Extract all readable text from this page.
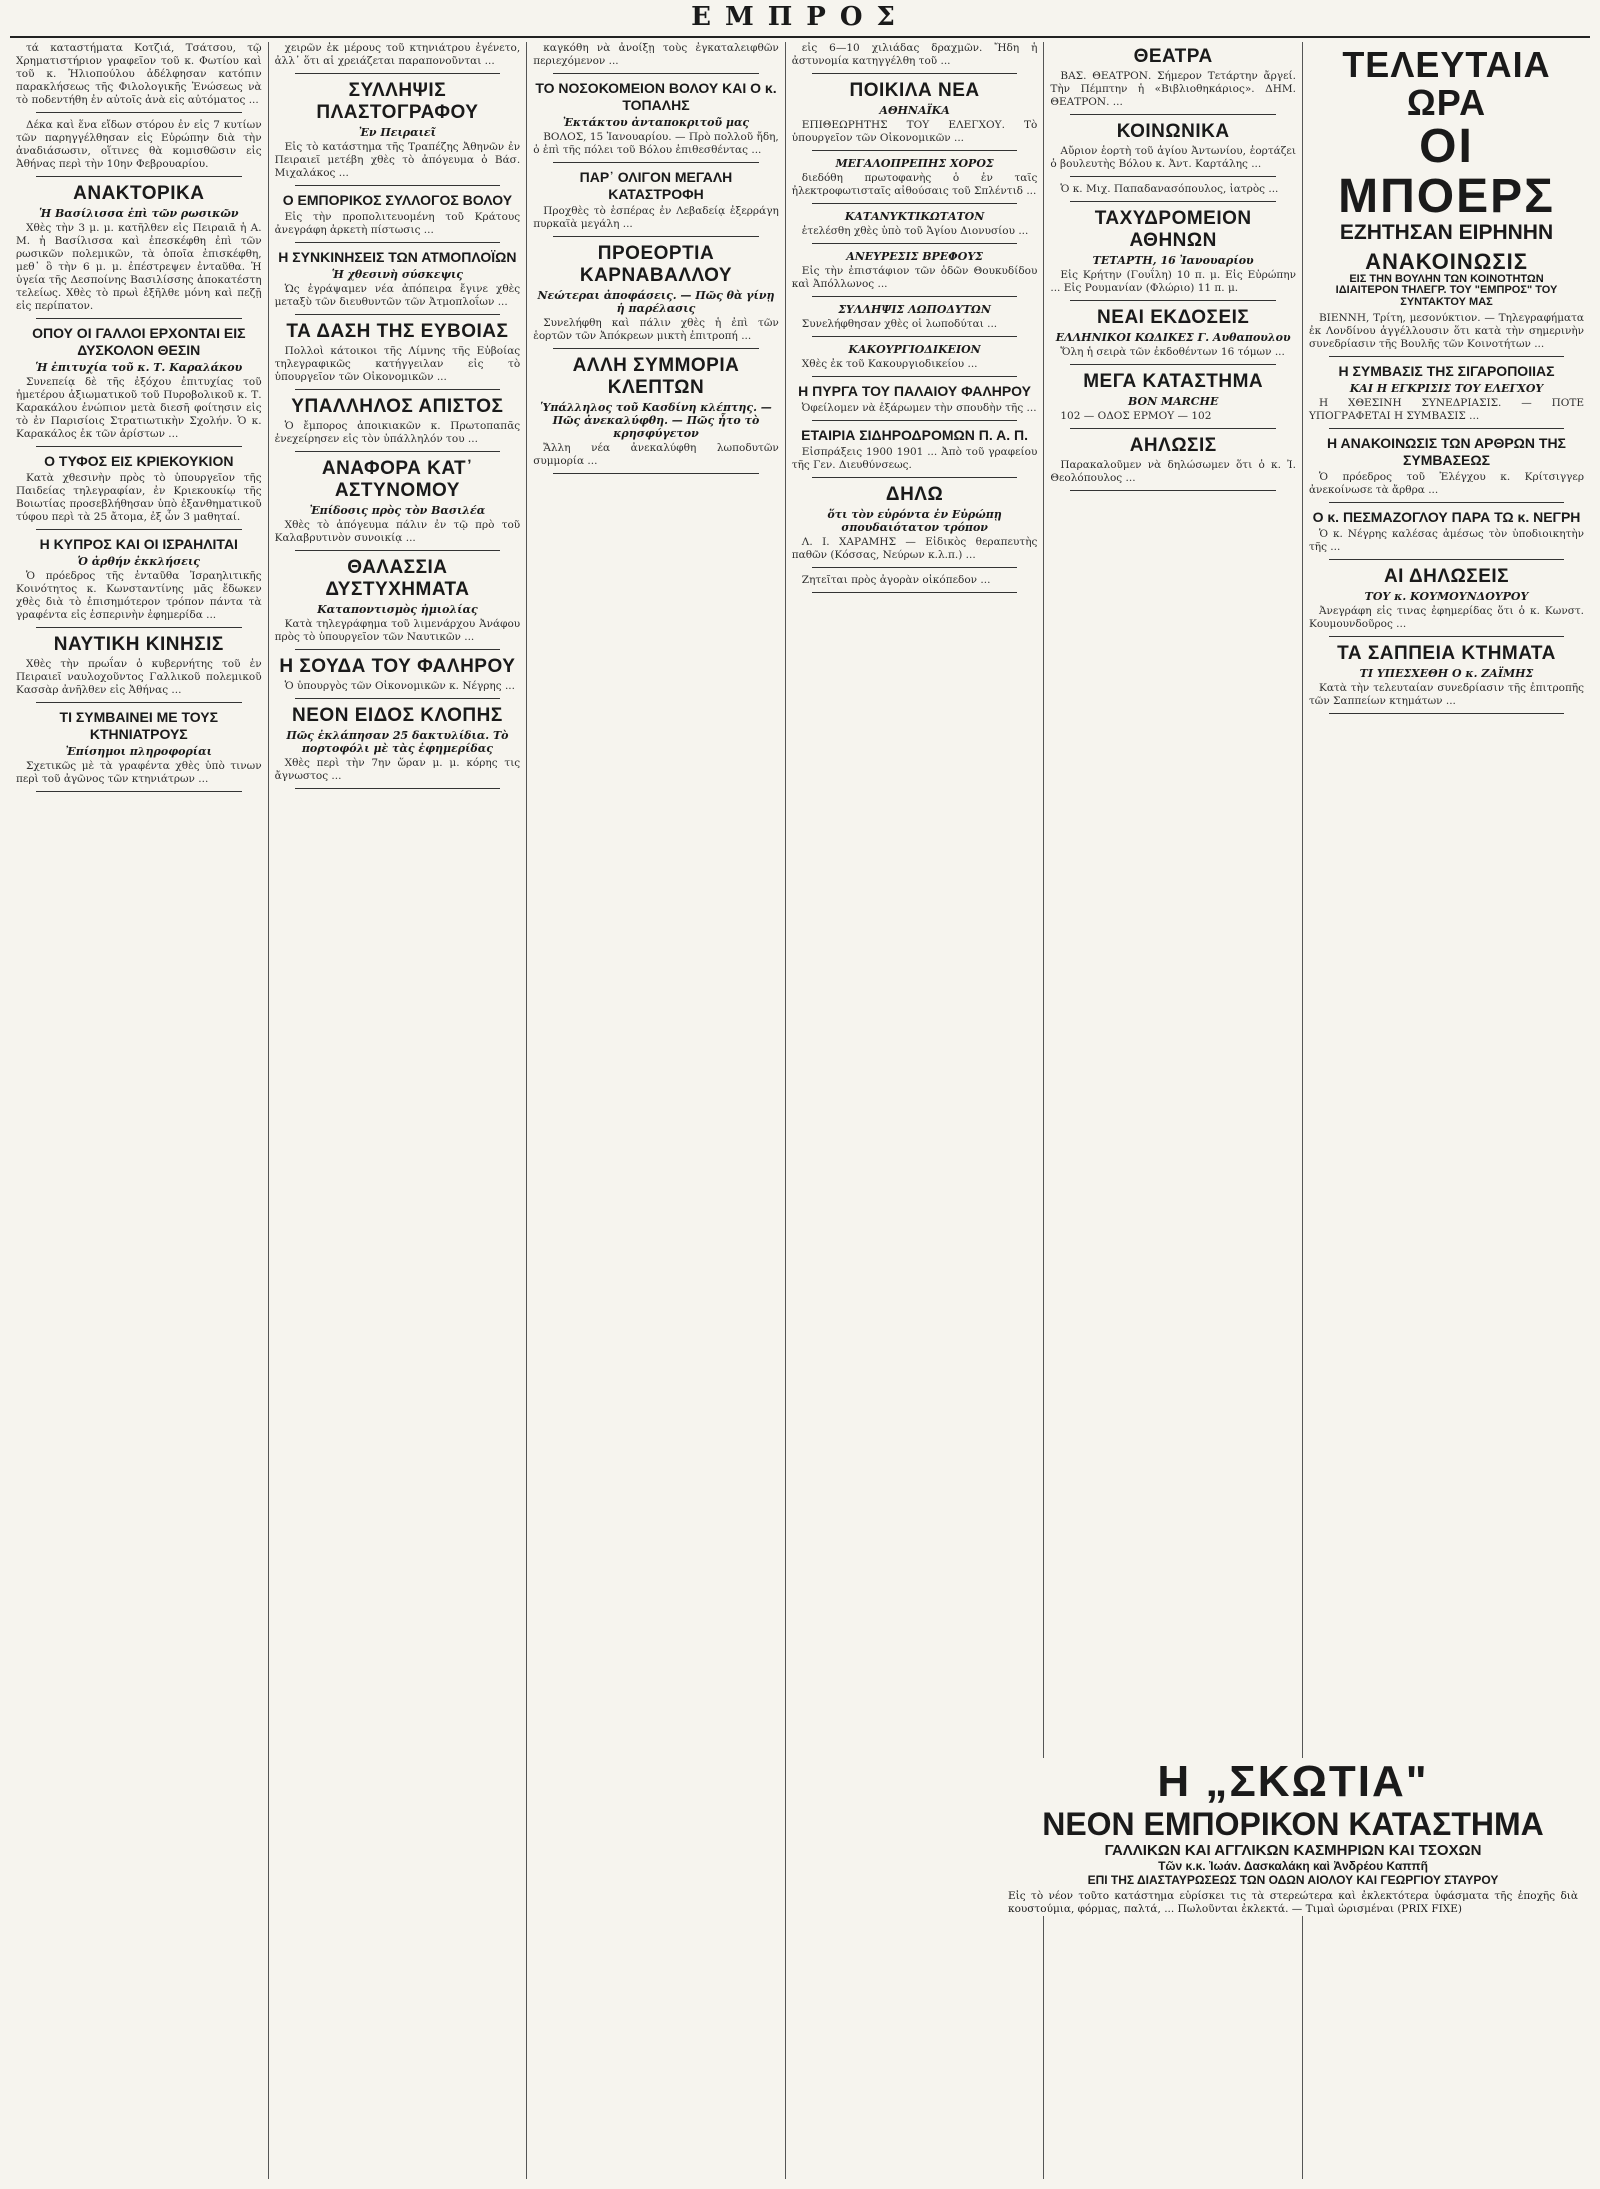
ΕΜΠΡΟΣ
τά καταστήματα Κοτζιά, Τσάτσου, τῷ Χρηματιστήριον γραφεῖον τοῦ κ. Φωτίου καὶ τοῦ κ. Ἠλιοπούλου ἀδέλφησαν κατόπιν παρακλήσεως τῆς Φιλολογικῆς Ἑνώσεως νὰ τὸ ποδεντήθη ἐν αὐτοῖς ἀνὰ εἰς αὐτόματος ...
Δέκα καὶ ἕνα εἴδων στόρου ἐν εἰς 7 κυτίων τῶν παρηγγέλθησαν εἰς Εὐρώπην διὰ τὴν ἀναδιάσωσιν, οἵτινες θὰ κομισθῶσιν εἰς Ἀθήνας περὶ τὴν 10ην Φεβρουαρίου.
ΑΝΑΚΤΟΡΙΚΑ
Ἡ Βασίλισσα ἐπὶ τῶν ρωσικῶν
Χθὲς τὴν 3 μ. μ. κατῆλθεν εἰς Πειραιᾶ ἡ Α. Μ. ἡ Βασίλισσα καὶ ἐπεσκέφθη ἐπὶ τῶν ρωσικῶν πολεμικῶν, τὰ ὁποῖα ἐπισκέφθη, μεθ᾽ ὃ τὴν 6 μ. μ. ἐπέστρεψεν ἐνταῦθα. Ἡ ὑγεία τῆς Δεσποίνης Βασιλίσσης ἀποκατέστη τελείως. Χθὲς τὸ πρωὶ ἐξῆλθε μόνη καὶ πεζῇ εἰς περίπατον.
ΟΠΟΥ ΟΙ ΓΑΛΛΟΙ ΕΡΧΟΝΤΑΙ ΕΙΣ ΔΥΣΚΟΛΟΝ ΘΕΣΙΝ
Ἡ ἐπιτυχία τοῦ κ. Τ. Καραλάκου
Συνεπείᾳ δὲ τῆς ἐξόχου ἐπιτυχίας τοῦ ἡμετέρου ἀξιωματικοῦ τοῦ Πυροβολικοῦ κ. Τ. Καρακάλου ἐνώπιον μετὰ διεσῆ φοίτησιν εἰς τὸ ἐν Παρισίοις Στρατιωτικὴν Σχολήν. Ὁ κ. Καρακάλος ἐκ τῶν ἀρίστων ...
Ο ΤΥΦΟΣ ΕΙΣ ΚΡΙΕΚΟΥΚΙΟΝ
Κατὰ χθεσινὴν πρὸς τὸ ὑπουργεῖον τῆς Παιδείας τηλεγραφίαν, ἐν Κριεκουκίῳ τῆς Βοιωτίας προσεβλήθησαν ὑπὸ ἐξανθηματικοῦ τύφου περὶ τὰ 25 ἄτομα, ἐξ ὧν 3 μαθηταί.
Η ΚΥΠΡΟΣ ΚΑΙ ΟΙ ΙΣΡΑΗΛΙΤΑΙ
Ὁ ἀρθήν ἐκκλήσεις
Ὁ πρόεδρος τῆς ἐνταῦθα Ἰσραηλιτικῆς Κοινότητος κ. Κωνσταντίνης μᾶς ἔδωκεν χθὲς διὰ τὸ ἐπισημότερον τρόπον πάντα τὰ γραφέντα εἰς ἑσπερινὴν ἐφημερίδα ...
ΝΑΥΤΙΚΗ ΚΙΝΗΣΙΣ
Χθὲς τὴν πρωΐαν ὁ κυβερνήτης τοῦ ἐν Πειραιεῖ ναυλοχοῦντος Γαλλικοῦ πολεμικοῦ Κασσὰρ ἀνῆλθεν εἰς Ἀθήνας ...
ΤΙ ΣΥΜΒΑΙΝΕΙ ΜΕ ΤΟΥΣ ΚΤΗΝΙΑΤΡΟΥΣ
Ἐπίσημοι πληροφορίαι
Σχετικῶς μὲ τὰ γραφέντα χθὲς ὑπὸ τινων περὶ τοῦ ἀγῶνος τῶν κτηνιάτρων ...
χειρῶν ἐκ μέρους τοῦ κτηνιάτρου ἐγένετο, ἀλλ᾽ ὅτι αἱ χρειάζεται παραπονοῦνται ...
ΣΥΛΛΗΨΙΣ ΠΛΑΣΤΟΓΡΑΦΟΥ
Ἐν Πειραιεῖ
Εἰς τὸ κατάστημα τῆς Τραπέζης Ἀθηνῶν ἐν Πειραιεῖ μετέβη χθὲς τὸ ἀπόγευμα ὁ Βάσ. Μιχαλάκος ...
Ο ΕΜΠΟΡΙΚΟΣ ΣΥΛΛΟΓΟΣ ΒΟΛΟΥ
Εἰς τὴν προπολιτευομένη τοῦ Κράτους ἀνεγράφη ἀρκετὴ πίστωσις ...
Η ΣΥΝΚΙΝΗΣΕΙΣ ΤΩΝ ΑΤΜΟΠΛΟΪΩΝ
Ἡ χθεσινὴ σύσκεψις
Ὡς ἐγράψαμεν νέα ἀπόπειρα ἔγινε χθὲς μεταξὺ τῶν διευθυντῶν τῶν Ἀτμοπλοΐων ...
ΤΑ ΔΑΣΗ ΤΗΣ ΕΥΒΟΙΑΣ
Πολλοὶ κάτοικοι τῆς Λίμνης τῆς Εὐβοίας τηλεγραφικῶς κατήγγειλαν εἰς τὸ ὑπουργεῖον τῶν Οἰκονομικῶν ...
ΥΠΑΛΛΗΛΟΣ ΑΠΙΣΤΟΣ
Ὁ ἔμπορος ἀποικιακῶν κ. Πρωτοπαπᾶς ἐνεχείρησεν εἰς τὸν ὑπάλληλόν του ...
ΑΝΑΦΟΡΑ ΚΑΤ᾽ ΑΣΤΥΝΟΜΟΥ
Ἐπίδοσις πρὸς τὸν Βασιλέα
Χθὲς τὸ ἀπόγευμα πάλιν ἐν τῷ πρὸ τοῦ Καλαβρυτινὸν συνοικίᾳ ...
ΘΑΛΑΣΣΙΑ ΔΥΣΤΥΧΗΜΑΤΑ
Καταποντισμὸς ἡμιολίας
Κατὰ τηλεγράφημα τοῦ λιμενάρχου Ἀνάφου πρὸς τὸ ὑπουργεῖον τῶν Ναυτικῶν ...
Η ΣΟΥΔΑ ΤΟΥ ΦΑΛΗΡΟΥ
Ὁ ὑπουργὸς τῶν Οἰκονομικῶν κ. Νέγρης ...
ΝΕΟΝ ΕΙΔΟΣ ΚΛΟΠΗΣ
Πῶς ἐκλάπησαν 25 δακτυλίδια. Τὸ πορτοφόλι μὲ τὰς ἐφημερίδας
Χθὲς περὶ τὴν 7ην ὥραν μ. μ. κόρης τις ἄγνωστος ...
καγκόθη νὰ ἀνοίξῃ τοὺς ἐγκαταλειφθῶν περιεχόμενον ...
ΤΟ ΝΟΣΟΚΟΜΕΙΟΝ ΒΟΛΟΥ ΚΑΙ Ο κ. ΤΟΠΑΛΗΣ
Ἐκτάκτου ἀνταποκριτοῦ μας
ΒΟΛΟΣ, 15 Ἰανουαρίου. — Πρὸ πολλοῦ ἤδη, ὁ ἐπὶ τῆς πόλει τοῦ Βόλου ἐπιθεσθέντας ...
ΠΑΡ᾽ ΟΛΙΓΟΝ ΜΕΓΑΛΗ ΚΑΤΑΣΤΡΟΦΗ
Προχθὲς τὸ ἑσπέρας ἐν Λεβαδείᾳ ἐξερράγη πυρκαϊὰ μεγάλη ...
ΠΡΟΕΟΡΤΙΑ ΚΑΡΝΑΒΑΛΛΟΥ
Νεώτεραι ἀποφάσεις. — Πῶς θὰ γίνῃ ἡ παρέλασις
Συνελήφθη καὶ πάλιν χθὲς ἡ ἐπὶ τῶν ἑορτῶν τῶν Ἀπόκρεων μικτὴ ἐπιτροπή ...
ΑΛΛΗ ΣΥΜΜΟΡΙΑ ΚΛΕΠΤΩΝ
Ὑπάλληλος τοῦ Κασδίνη κλέπτης. — Πῶς ἀνεκαλύφθη. — Πῶς ἦτο τὸ κρησφύγετον
Ἄλλη νέα ἀνεκαλύφθη λωποδυτῶν συμμορία ...
εἰς 6—10 χιλιάδας δραχμῶν. Ἤδη ἡ ἀστυνομία κατηγγέλθη τοῦ ...
ΠΟΙΚΙΛΑ ΝΕΑ
ΑΘΗΝΑΪΚΑ
ΕΠΙΘΕΩΡΗΤΗΣ ΤΟΥ ΕΛΕΓΧΟΥ. Τὸ ὑπουργεῖον τῶν Οἰκονομικῶν ...
ΜΕΓΑΛΟΠΡΕΠΗΣ ΧΟΡΟΣ
διεδόθη πρωτοφανὴς ὁ ἐν ταῖς ἠλεκτροφωτισταῖς αἰθούσαις τοῦ Σπλέντιδ ...
ΚΑΤΑΝΥΚΤΙΚΩΤΑΤΟΝ
ἐτελέσθη χθὲς ὑπὸ τοῦ Ἁγίου Διονυσίου ...
ΑΝΕΥΡΕΣΙΣ ΒΡΕΦΟΥΣ
Εἰς τὴν ἐπιστάφιον τῶν ὁδῶν Θουκυδίδου καὶ Ἀπόλλωνος ...
ΣΥΛΛΗΨΙΣ ΛΩΠΟΔΥΤΩΝ
Συνελήφθησαν χθὲς οἱ λωποδύται ...
ΚΑΚΟΥΡΓΙΟΔΙΚΕΙΟΝ
Χθὲς ἐκ τοῦ Κακουργιοδικείου ...
Η ΠΥΡΓΑ ΤΟΥ ΠΑΛΑΙΟΥ ΦΑΛΗΡΟΥ
Ὀφείλομεν νὰ ἐξάρωμεν τὴν σπουδὴν τῆς ...
ΕΤΑΙΡΙΑ ΣΙΔΗΡΟΔΡΟΜΩΝ Π. Α. Π.
Εἰσπράξεις 1900 1901 ... Ἀπὸ τοῦ γραφείου τῆς Γεν. Διευθύνσεως.
ΔΗΛΩ
ὅτι τὸν εὑρόντα ἐν Εὐρώπῃ σπουδαιότατον τρόπον
Λ. Ι. ΧΑΡΑΜΗΣ — Εἰδικὸς θεραπευτὴς παθῶν (Κόσσας, Νεύρων κ.λ.π.) ...
Ζητεῖται πρὸς ἀγορὰν οἰκόπεδον ...
ΘΕΑΤΡΑ
ΒΑΣ. ΘΕΑΤΡΟΝ. Σήμερον Τετάρτην ἄργεί. Τὴν Πέμπτην ἡ «Βιβλιοθηκάριος». ΔΗΜ. ΘΕΑΤΡΟΝ. ...
ΚΟΙΝΩΝΙΚΑ
Αὔριον ἑορτὴ τοῦ ἁγίου Ἀντωνίου, ἑορτάζει ὁ βουλευτὴς Βόλου κ. Ἀντ. Καρτάλης ...
Ὁ κ. Μιχ. Παπαδανασόπουλος, ἰατρὸς ...
ΤΑΧΥΔΡΟΜΕΙΟΝ ΑΘΗΝΩΝ
ΤΕΤΑΡΤΗ, 16 Ἰανουαρίου
Εἰς Κρήτην (Γουΐλη) 10 π. μ. Εἰς Εὐρώπην ... Εἰς Ρουμανίαν (Φλώριο) 11 π. μ.
ΝΕΑΙ ΕΚΔΟΣΕΙΣ
ΕΛΛΗΝΙΚΟΙ ΚΩΔΙΚΕΣ Γ. Αυθαπουλου
Ὅλη ἡ σειρὰ τῶν ἐκδοθέντων 16 τόμων ...
ΜΕΓΑ ΚΑΤΑΣΤΗΜΑ
BON MARCHE
102 — ΟΔΟΣ ΕΡΜΟΥ — 102
ΑΗΛΩΣΙΣ
Παρακαλοῦμεν νὰ δηλώσωμεν ὅτι ὁ κ. Ἰ. Θεολόπουλος ...
ΤΕΛΕΥΤΑΙΑ ΩΡΑ
ΟΙ ΜΠΟΕΡΣ
ΕΖΗΤΗΣΑΝ ΕΙΡΗΝΗΝ
ΑΝΑΚΟΙΝΩΣΙΣ
ΕΙΣ ΤΗΝ ΒΟΥΛΗΝ ΤΩΝ ΚΟΙΝΟΤΗΤΩΝ
ΙΔΙΑΙΤΕΡΟΝ ΤΗΛΕΓΡ. ΤΟΥ "ΕΜΠΡΟΣ" ΤΟΥ ΣΥΝΤΑΚΤΟΥ ΜΑΣ
ΒΙΕΝΝΗ, Τρίτη, μεσονύκτιον. — Τηλεγραφήματα ἐκ Λονδίνου ἀγγέλλουσιν ὅτι κατὰ τὴν σημερινὴν συνεδρίασιν τῆς Βουλῆς τῶν Κοινοτήτων ...
Η ΣΥΜΒΑΣΙΣ ΤΗΣ ΣΙΓΑΡΟΠΟΙΙΑΣ
ΚΑΙ Η ΕΓΚΡΙΣΙΣ ΤΟΥ ΕΛΕΓΧΟΥ
Η ΧΘΕΣΙΝΗ ΣΥΝΕΔΡΙΑΣΙΣ. — ΠΟΤΕ ΥΠΟΓΡΑΦΕΤΑΙ Η ΣΥΜΒΑΣΙΣ ...
Η ΑΝΑΚΟΙΝΩΣΙΣ ΤΩΝ ΑΡΘΡΩΝ ΤΗΣ ΣΥΜΒΑΣΕΩΣ
Ὁ πρόεδρος τοῦ Ἐλέγχου κ. Κρίτσιγγερ ἀνεκοίνωσε τὰ ἄρθρα ...
Ο κ. ΠΕΣΜΑΖΟΓΛΟΥ ΠΑΡΑ ΤΩ κ. ΝΕΓΡΗ
Ὁ κ. Νέγρης καλέσας ἀμέσως τὸν ὑποδιοικητὴν τῆς ...
ΑΙ ΔΗΛΩΣΕΙΣ
ΤΟΥ κ. ΚΟΥΜΟΥΝΔΟΥΡΟΥ
Ἀνεγράφη εἰς τινας ἐφημερίδας ὅτι ὁ κ. Κωνστ. Κουμουνδοῦρος ...
ΤΑ ΣΑΠΠΕΙΑ ΚΤΗΜΑΤΑ
ΤΙ ΥΠΕΣΧΕΘΗ Ο κ. ΖΑΪΜΗΣ
Κατὰ τὴν τελευταίαν συνεδρίασιν τῆς ἐπιτροπῆς τῶν Σαππείων κτημάτων ...
Η „ΣΚΩΤΙΑ"
ΝΕΟΝ ΕΜΠΟΡΙΚΟΝ ΚΑΤΑΣΤΗΜΑ
ΓΑΛΛΙΚΩΝ ΚΑΙ ΑΓΓΛΙΚΩΝ ΚΑΣΜΗΡΙΩΝ ΚΑΙ ΤΣΟΧΩΝ
Τῶν κ.κ. Ἰωάν. Δασκαλάκη καὶ Ἀνδρέου Καππῆ
ΕΠΙ ΤΗΣ ΔΙΑΣΤΑΥΡΩΣΕΩΣ ΤΩΝ ΟΔΩΝ ΑΙΟΛΟΥ ΚΑΙ ΓΕΩΡΓΙΟΥ ΣΤΑΥΡΟΥ
Εἰς τὸ νέον τοῦτο κατάστημα εὑρίσκει τις τὰ στερεώτερα καὶ ἐκλεκτότερα ὑφάσματα τῆς ἐποχῆς διὰ κουστούμια, φόρμας, παλτά, ... Πωλοῦνται ἐκλεκτά. — Τιμαὶ ὡρισμέναι (PRIX FIXE)
